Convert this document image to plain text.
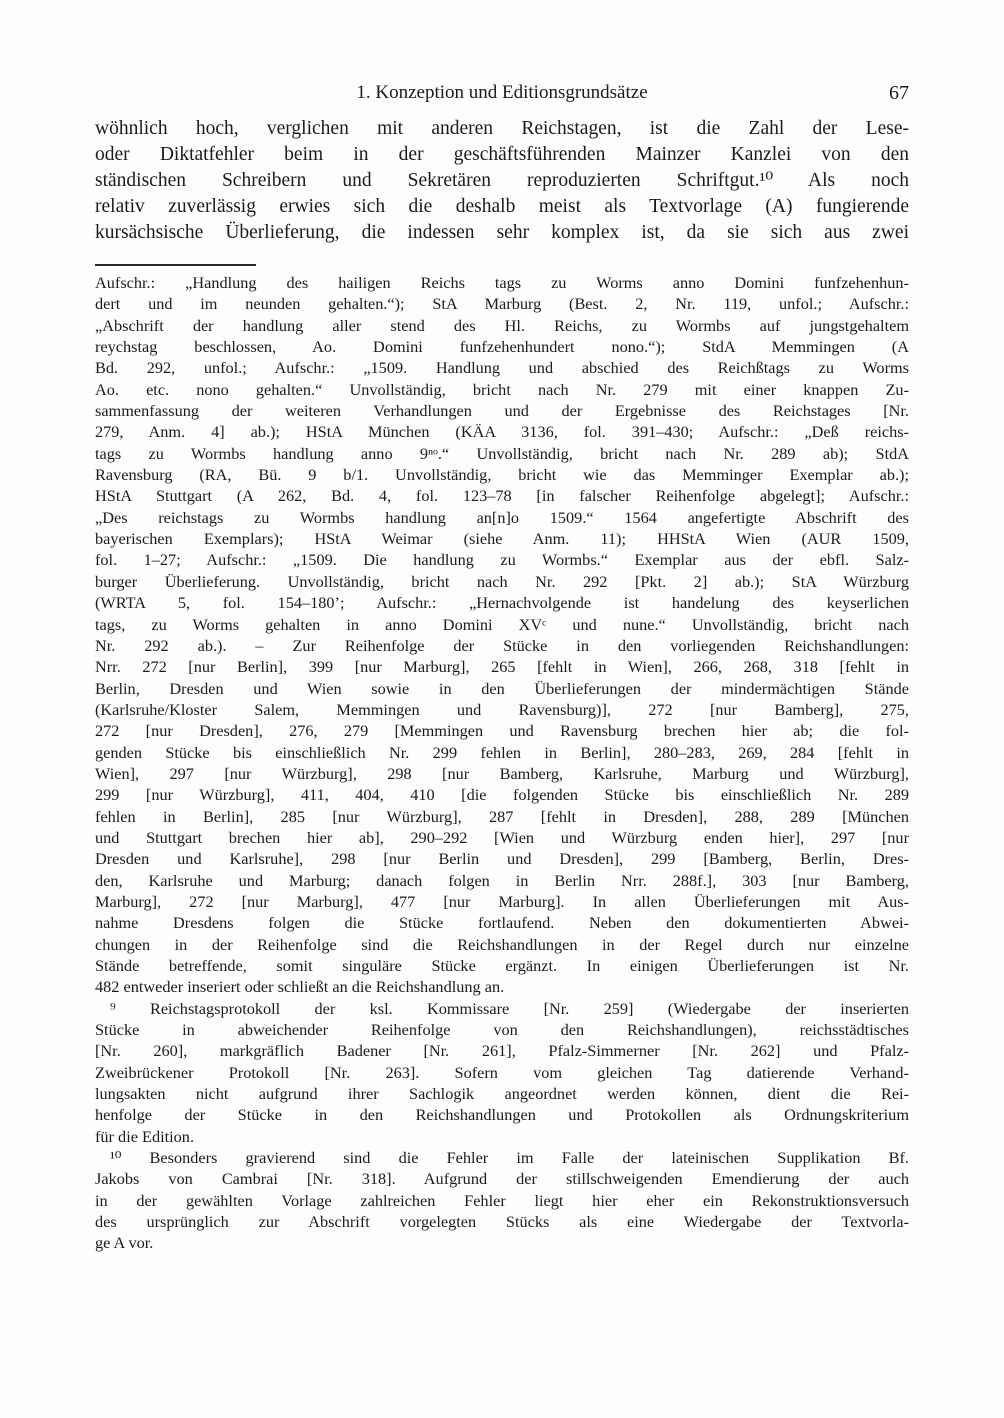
1. Konzeption und Editionsgrundsätze	67
wöhnlich hoch, verglichen mit anderen Reichstagen, ist die Zahl der Lese-
oder Diktatfehler beim in der geschäftsführenden Mainzer Kanzlei von den
ständischen Schreibern und Sekretären reproduzierten Schriftgut.¹⁰ Als noch
relativ zuverlässig erwies sich die deshalb meist als Textvorlage (A) fungierende
kursächsische Überlieferung, die indessen sehr komplex ist, da sie sich aus zwei
Aufschr.: „Handlung des hailigen Reichs tags zu Worms anno Domini funfzehenhun-
dert und im neunden gehalten.“); StA Marburg (Best. 2, Nr. 119, unfol.; Aufschr.:
„Abschrift der handlung aller stend des Hl. Reichs, zu Wormbs auf jungstgehaltem
reychstag beschlossen, Ao. Domini funfzehenhundert nono.“); StdA Memmingen (A
Bd. 292, unfol.; Aufschr.: „1509. Handlung und abschied des Reichßtags zu Worms
Ao. etc. nono gehalten.“ Unvollständig, bricht nach Nr. 279 mit einer knappen Zu-
sammenfassung der weiteren Verhandlungen und der Ergebnisse des Reichstages [Nr.
279, Anm. 4] ab.); HStA München (KÄA 3136, fol. 391–430; Aufschr.: „Deß reichs-
tags zu Wormbs handlung anno 9ⁿᵒ.“ Unvollständig, bricht nach Nr. 289 ab); StdA
Ravensburg (RA, Bü. 9 b/1. Unvollständig, bricht wie das Memminger Exemplar ab.);
HStA Stuttgart (A 262, Bd. 4, fol. 123–78 [in falscher Reihenfolge abgelegt]; Aufschr.:
„Des reichstags zu Wormbs handlung an[n]o 1509.“ 1564 angefertigte Abschrift des
bayerischen Exemplars); HStA Weimar (siehe Anm. 11); HHStA Wien (AUR 1509,
fol. 1–27; Aufschr.: „1509. Die handlung zu Wormbs.“ Exemplar aus der ebfl. Salz-
burger Überlieferung. Unvollständig, bricht nach Nr. 292 [Pkt. 2] ab.); StA Würzburg
(WRTA 5, fol. 154–180’; Aufschr.: „Hernachvolgende ist handelung des keyserlichen
tags, zu Worms gehalten in anno Domini XVᶜ und nune.“ Unvollständig, bricht nach
Nr. 292 ab.). – Zur Reihenfolge der Stücke in den vorliegenden Reichshandlungen:
Nrr. 272 [nur Berlin], 399 [nur Marburg], 265 [fehlt in Wien], 266, 268, 318 [fehlt in
Berlin, Dresden und Wien sowie in den Überlieferungen der mindermächtigen Stände
(Karlsruhe/Kloster Salem, Memmingen und Ravensburg)], 272 [nur Bamberg], 275,
272 [nur Dresden], 276, 279 [Memmingen und Ravensburg brechen hier ab; die fol-
genden Stücke bis einschließlich Nr. 299 fehlen in Berlin], 280–283, 269, 284 [fehlt in
Wien], 297 [nur Würzburg], 298 [nur Bamberg, Karlsruhe, Marburg und Würzburg],
299 [nur Würzburg], 411, 404, 410 [die folgenden Stücke bis einschließlich Nr. 289
fehlen in Berlin], 285 [nur Würzburg], 287 [fehlt in Dresden], 288, 289 [München
und Stuttgart brechen hier ab], 290–292 [Wien und Würzburg enden hier], 297 [nur
Dresden und Karlsruhe], 298 [nur Berlin und Dresden], 299 [Bamberg, Berlin, Dres-
den, Karlsruhe und Marburg; danach folgen in Berlin Nrr. 288f.], 303 [nur Bamberg,
Marburg], 272 [nur Marburg], 477 [nur Marburg]. In allen Überlieferungen mit Aus-
nahme Dresdens folgen die Stücke fortlaufend. Neben den dokumentierten Abwei-
chungen in der Reihenfolge sind die Reichshandlungen in der Regel durch nur einzelne
Stände betreffende, somit singuläre Stücke ergänzt. In einigen Überlieferungen ist Nr.
482 entweder inseriert oder schließt an die Reichshandlung an.
⁹ Reichstagsprotokoll der ksl. Kommissare [Nr. 259] (Wiedergabe der inserierten
Stücke in abweichender Reihenfolge von den Reichshandlungen), reichsstädtisches
[Nr. 260], markgräflich Badener [Nr. 261], Pfalz-Simmerner [Nr. 262] und Pfalz-
Zweibrückener Protokoll [Nr. 263]. Sofern vom gleichen Tag datierende Verhand-
lungsakten nicht aufgrund ihrer Sachlogik angeordnet werden können, dient die Rei-
henfolge der Stücke in den Reichshandlungen und Protokollen als Ordnungskriterium
für die Edition.
¹⁰ Besonders gravierend sind die Fehler im Falle der lateinischen Supplikation Bf.
Jakobs von Cambrai [Nr. 318]. Aufgrund der stillschweigenden Emendierung der auch
in der gewählten Vorlage zahlreichen Fehler liegt hier eher ein Rekonstruktionsversuch
des ursprünglich zur Abschrift vorgelegten Stücks als eine Wiedergabe der Textvorla-
ge A vor.
